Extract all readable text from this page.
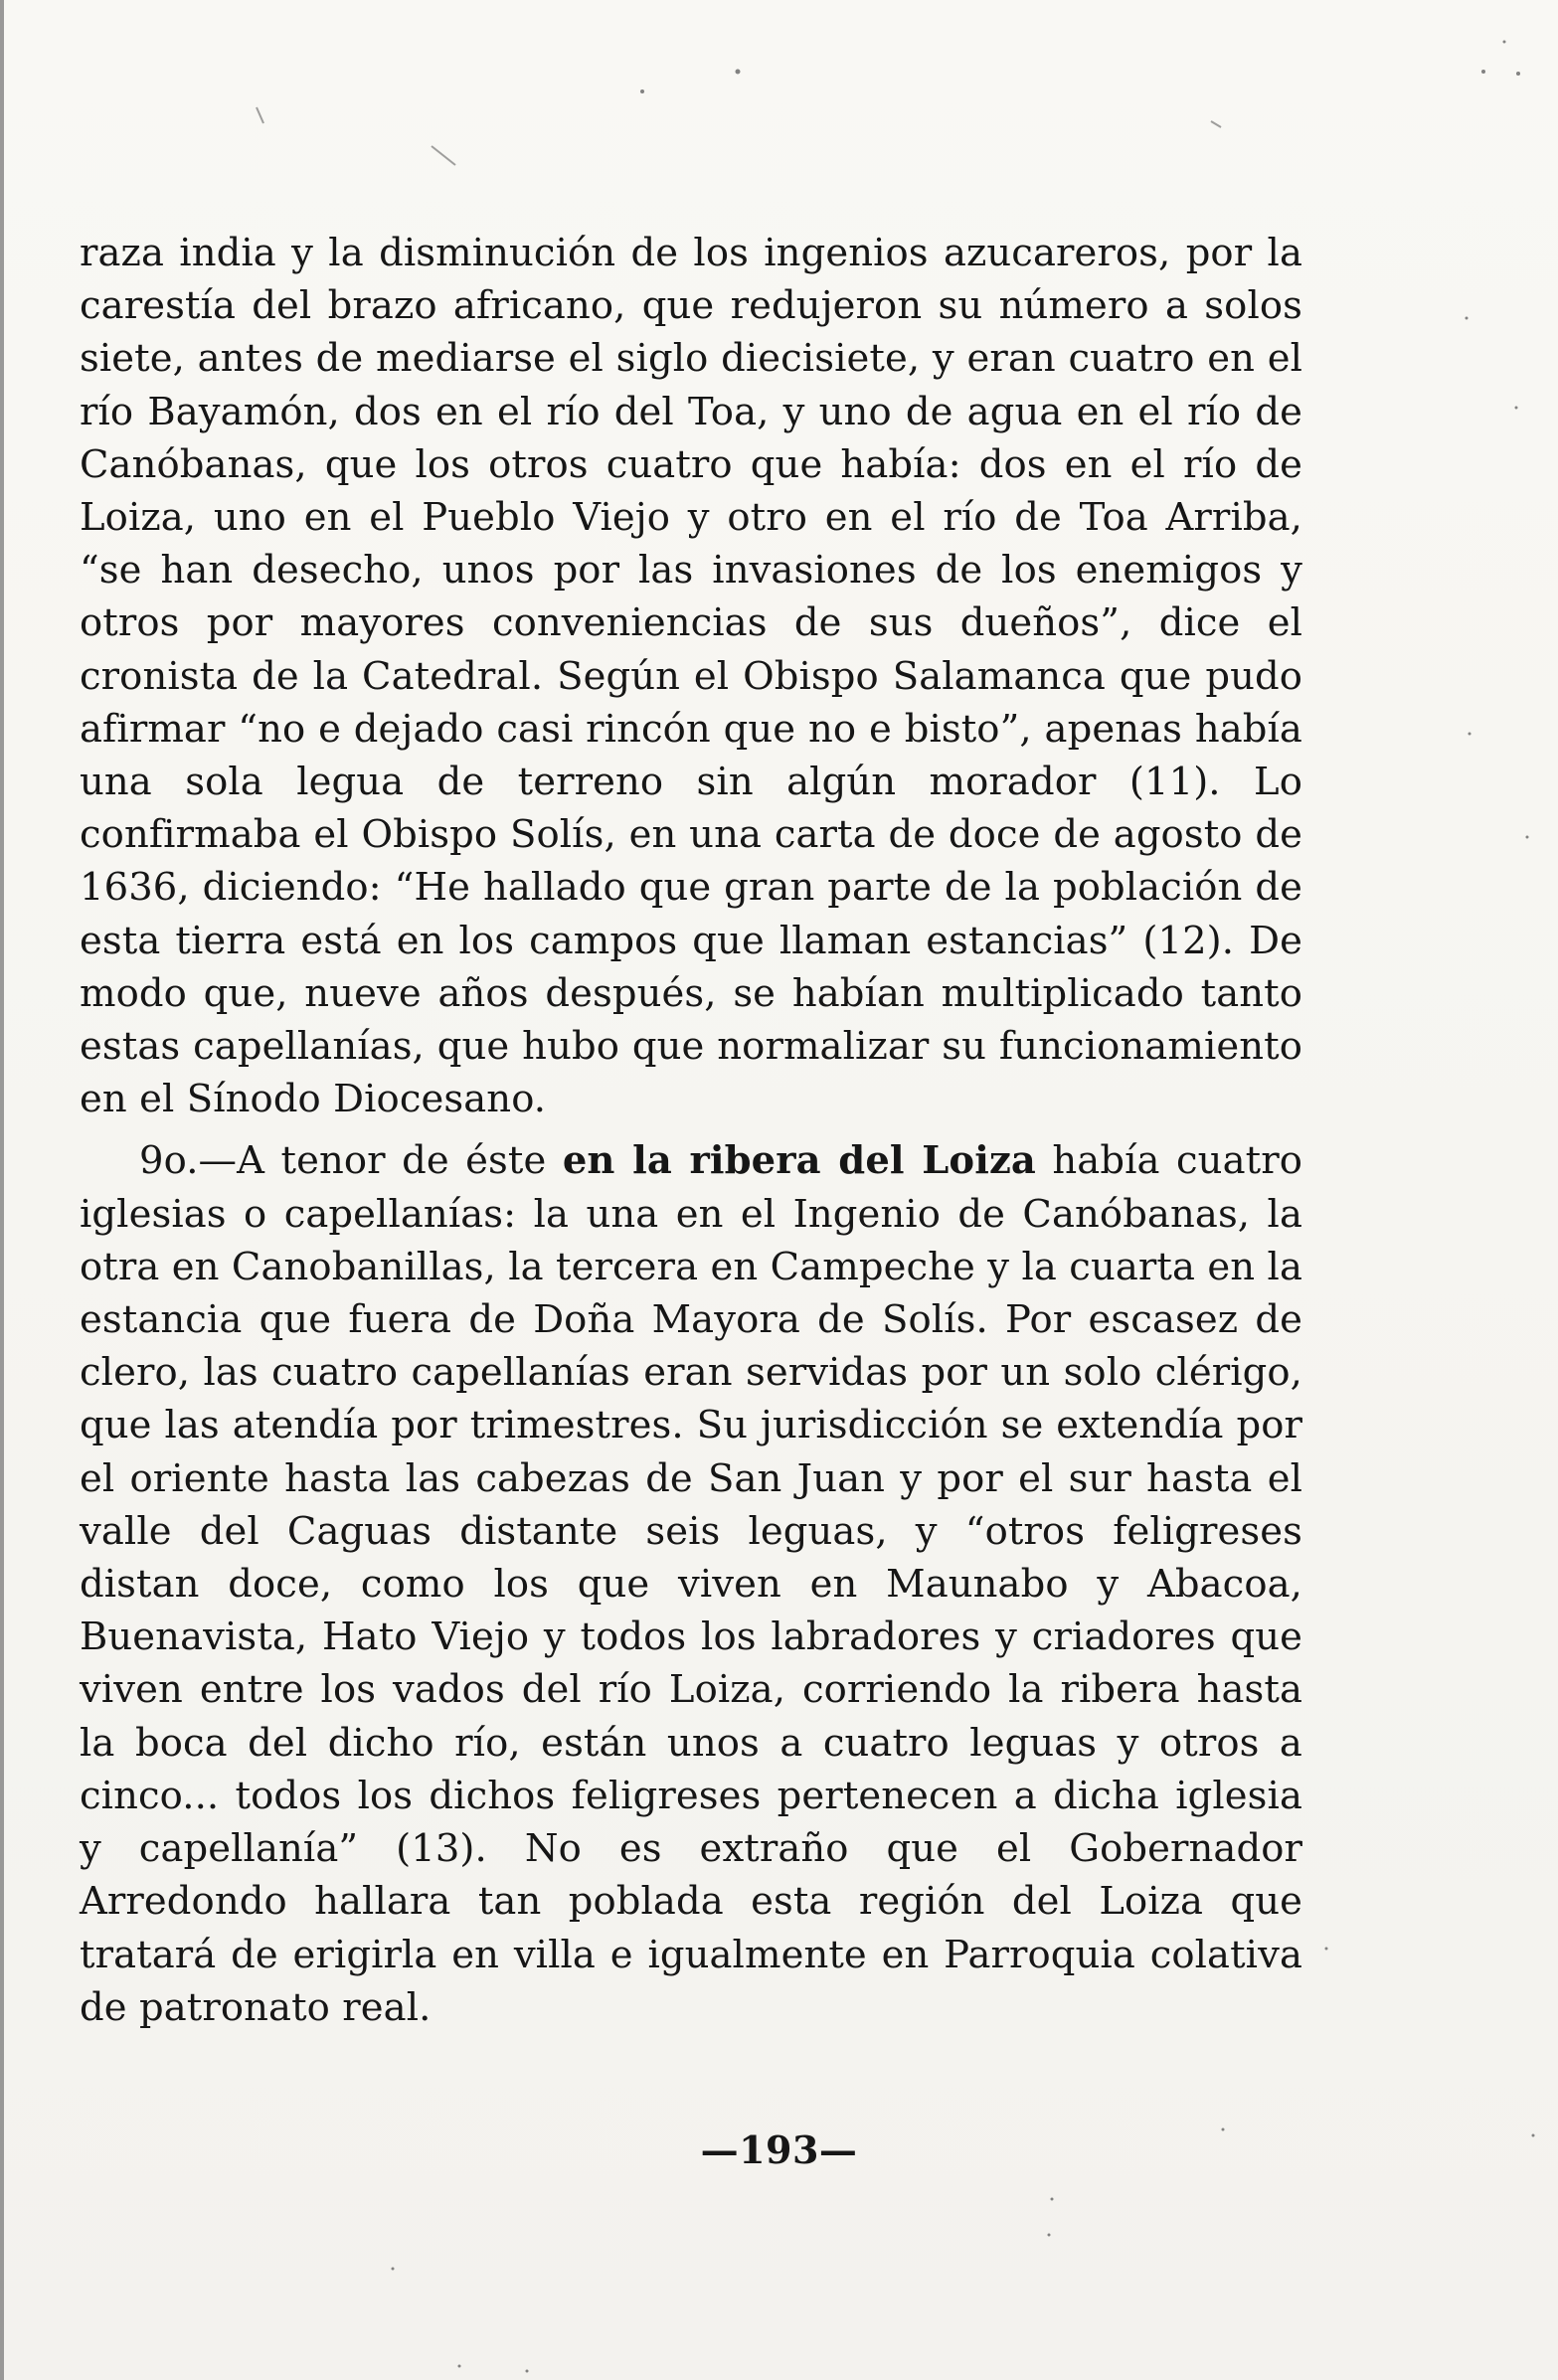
raza india y la disminución de los ingenios azucareros, por la carestía del brazo africano, que redujeron su número a solos siete, antes de mediarse el siglo diecisiete, y eran cuatro en el río Bayamón, dos en el río del Toa, y uno de agua en el río de Canóbanas, que los otros cuatro que había: dos en el río de Loiza, uno en el Pueblo Viejo y otro en el río de Toa Arriba, “se han desecho, unos por las invasiones de los enemigos y otros por mayores conveniencias de sus dueños”, dice el cronista de la Catedral. Según el Obispo Salamanca que pudo afirmar “no e dejado casi rincón que no e bisto”, apenas había una sola legua de terreno sin algún morador (11). Lo confirmaba el Obispo Solís, en una carta de doce de agosto de 1636, diciendo: “He hallado que gran parte de la población de esta tierra está en los campos que llaman estancias” (12). De modo que, nueve años después, se habían multiplicado tanto estas capellanías, que hubo que normalizar su funcionamiento en el Sínodo Diocesano.

9o.—A tenor de éste en la ribera del Loiza había cuatro iglesias o capellanías: la una en el Ingenio de Canóbanas, la otra en Canobanillas, la tercera en Campeche y la cuarta en la estancia que fuera de Doña Mayora de Solís. Por escasez de clero, las cuatro capellanías eran servidas por un solo clérigo, que las atendía por trimestres. Su jurisdicción se extendía por el oriente hasta las cabezas de San Juan y por el sur hasta el valle del Caguas distante seis leguas, y “otros feligreses distan doce, como los que viven en Maunabo y Abacoa, Buenavista, Hato Viejo y todos los labradores y criadores que viven entre los vados del río Loiza, corriendo la ribera hasta la boca del dicho río, están unos a cuatro leguas y otros a cinco... todos los dichos feligreses pertenecen a dicha iglesia y capellanía” (13). No es extraño que el Gobernador Arredondo hallara tan poblada esta región del Loiza que tratará de erigirla en villa e igualmente en Parroquia colativa de patronato real.

—193—
